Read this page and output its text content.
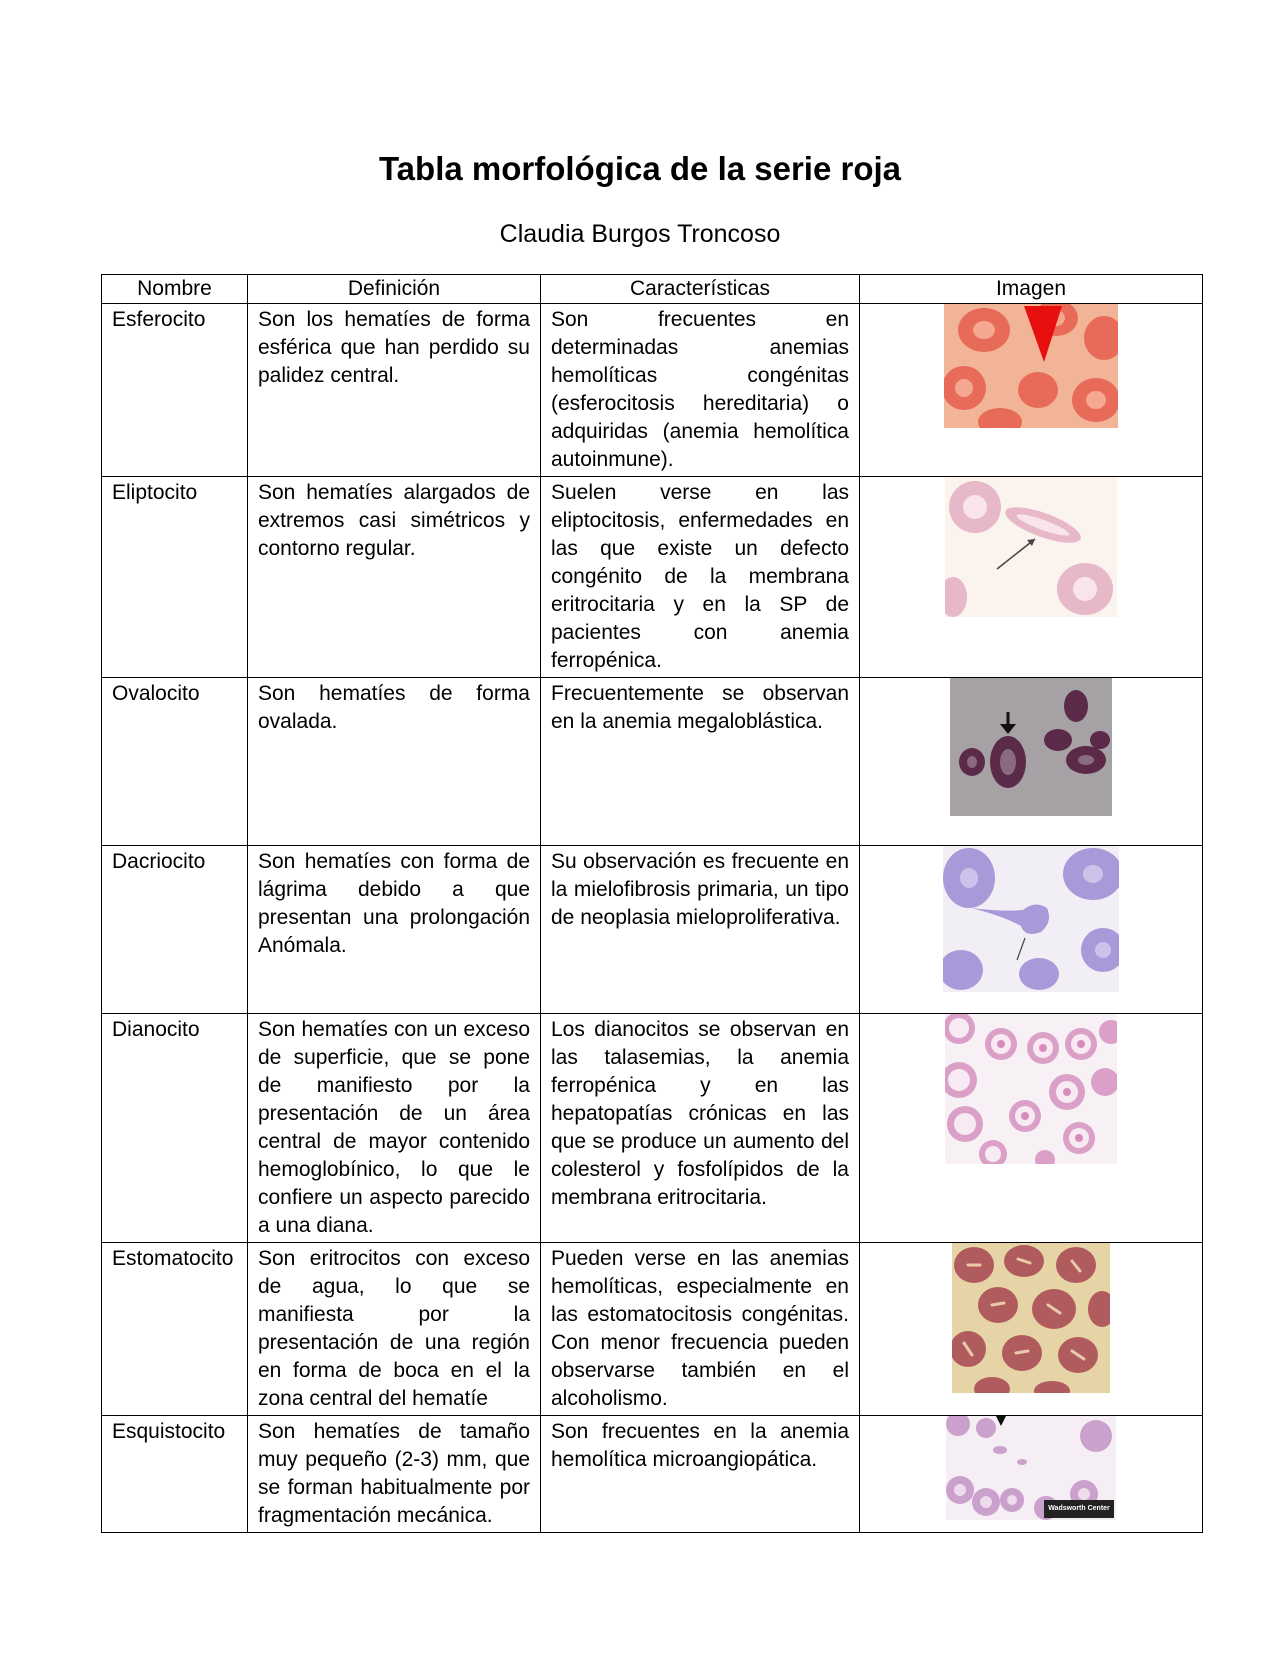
Tabla morfológica de la serie roja
Claudia Burgos Troncoso
Nombre	Definición	Características	Imagen
Esferocito	Son los hematíes de forma esférica que han perdido su palidez central.	Son frecuentes en determinadas anemias hemolíticas congénitas (esferocitosis hereditaria) o adquiridas (anemia hemolítica autoinmune).	
Eliptocito	Son hematíes alargados de extremos casi simétricos y contorno regular.	Suelen verse en las eliptocitosis, enfermedades en las que existe un defecto congénito de la membrana eritrocitaria y en la SP de pacientes con anemia ferropénica.	
Ovalocito	Son hematíes de forma ovalada.	Frecuentemente se observan en la anemia megaloblástica.	
Dacriocito	Son hematíes con forma de lágrima debido a que presentan una prolongación Anómala.	Su observación es frecuente en la mielofibrosis primaria, un tipo de neoplasia mieloproliferativa.	
Dianocito	Son hematíes con un exceso de superficie, que se pone de manifiesto por la presentación de un área central de mayor contenido hemoglobínico, lo que le confiere un aspecto parecido a una diana.	Los dianocitos se observan en las talasemias, la anemia ferropénica y en las hepatopatías crónicas en las que se produce un aumento del colesterol y fosfolípidos de la membrana eritrocitaria.	
Estomatocito	Son eritrocitos con exceso de agua, lo que se manifiesta por la presentación de una región en forma de boca en el la zona central del hematíe	Pueden verse en las anemias hemolíticas, especialmente en las estomatocitosis congénitas. Con menor frecuencia pueden observarse también en el alcoholismo.	
Esquistocito	Son hematíes de tamaño muy pequeño (2-3) mm, que se forman habitualmente por fragmentación mecánica.	Son frecuentes en la anemia hemolítica microangiopática.	Wadsworth Center
